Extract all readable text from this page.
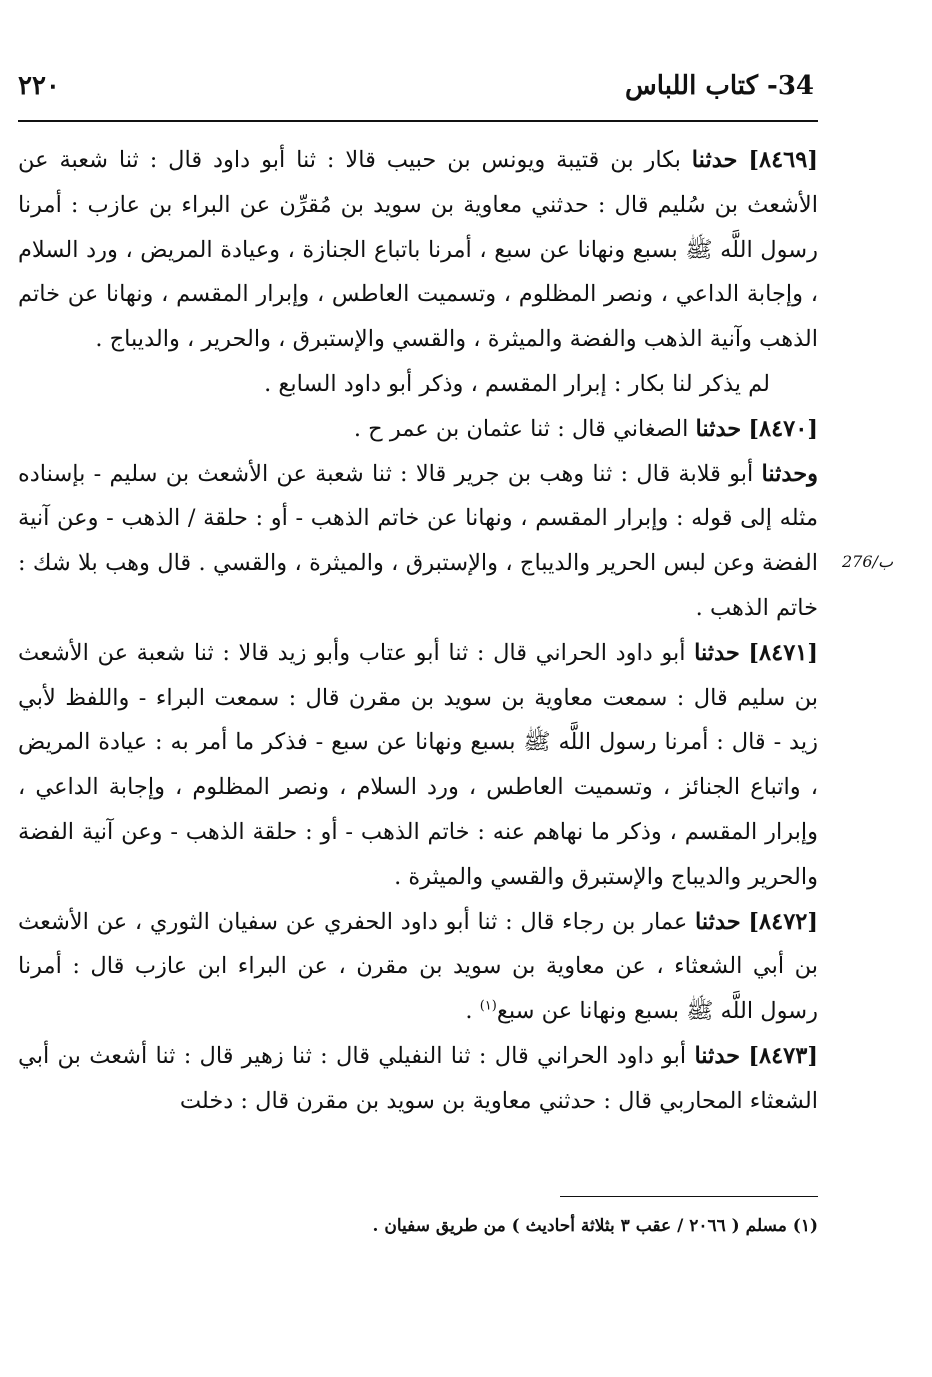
٢٢٠	34- كتاب اللباس
276/ب

[٨٤٦٩] حدثنا بكار بن قتيبة ويونس بن حبيب قالا : ثنا أبو داود قال : ثنا شعبة عن الأشعث بن سُليم قال : حدثني معاوية بن سويد بن مُقرِّن عن البراء بن عازب : أمرنا رسول اللَّه ﷺ بسبع ونهانا عن سبع ، أمرنا باتباع الجنازة ، وعيادة المريض ، ورد السلام ، وإجابة الداعي ، ونصر المظلوم ، وتسميت العاطس ، وإبرار المقسم ، ونهانا عن خاتم الذهب وآنية الذهب والفضة والميثرة ، والقسي والإستبرق ، والحرير ، والديباج .

لم يذكر لنا بكار : إبرار المقسم ، وذكر أبو داود السابع .

[٨٤٧٠] حدثنا الصغاني قال : ثنا عثمان بن عمر ح .

وحدثنا أبو قلابة قال : ثنا وهب بن جرير قالا : ثنا شعبة عن الأشعث بن سليم - بإسناده مثله إلى قوله : وإبرار المقسم ، ونهانا عن خاتم الذهب - أو : حلقة / الذهب - وعن آنية الفضة وعن لبس الحرير والديباج ، والإستبرق ، والميثرة ، والقسي . قال وهب بلا شك : خاتم الذهب .

[٨٤٧١] حدثنا أبو داود الحراني قال : ثنا أبو عتاب وأبو زيد قالا : ثنا شعبة عن الأشعث بن سليم قال : سمعت معاوية بن سويد بن مقرن قال : سمعت البراء - واللفظ لأبي زيد - قال : أمرنا رسول اللَّه ﷺ بسبع ونهانا عن سبع - فذكر ما أمر به : عيادة المريض ، واتباع الجنائز ، وتسميت العاطس ، ورد السلام ، ونصر المظلوم ، وإجابة الداعي ، وإبرار المقسم ، وذكر ما نهاهم عنه : خاتم الذهب - أو : حلقة الذهب - وعن آنية الفضة والحرير والديباج والإستبرق والقسي والميثرة .

[٨٤٧٢] حدثنا عمار بن رجاء قال : ثنا أبو داود الحفري عن سفيان الثوري ، عن الأشعث بن أبي الشعثاء ، عن معاوية بن سويد بن مقرن ، عن البراء ابن عازب قال : أمرنا رسول اللَّه ﷺ بسبع ونهانا عن سبع$^{(١)}$ .

[٨٤٧٣] حدثنا أبو داود الحراني قال : ثنا النفيلي قال : ثنا زهير قال : ثنا أشعث بن أبي الشعثاء المحاربي قال : حدثني معاوية بن سويد بن مقرن قال : دخلت

(١) مسلم ( ٢٠٦٦ / عقب ٣ بثلاثة أحاديث ) من طريق سفيان .
